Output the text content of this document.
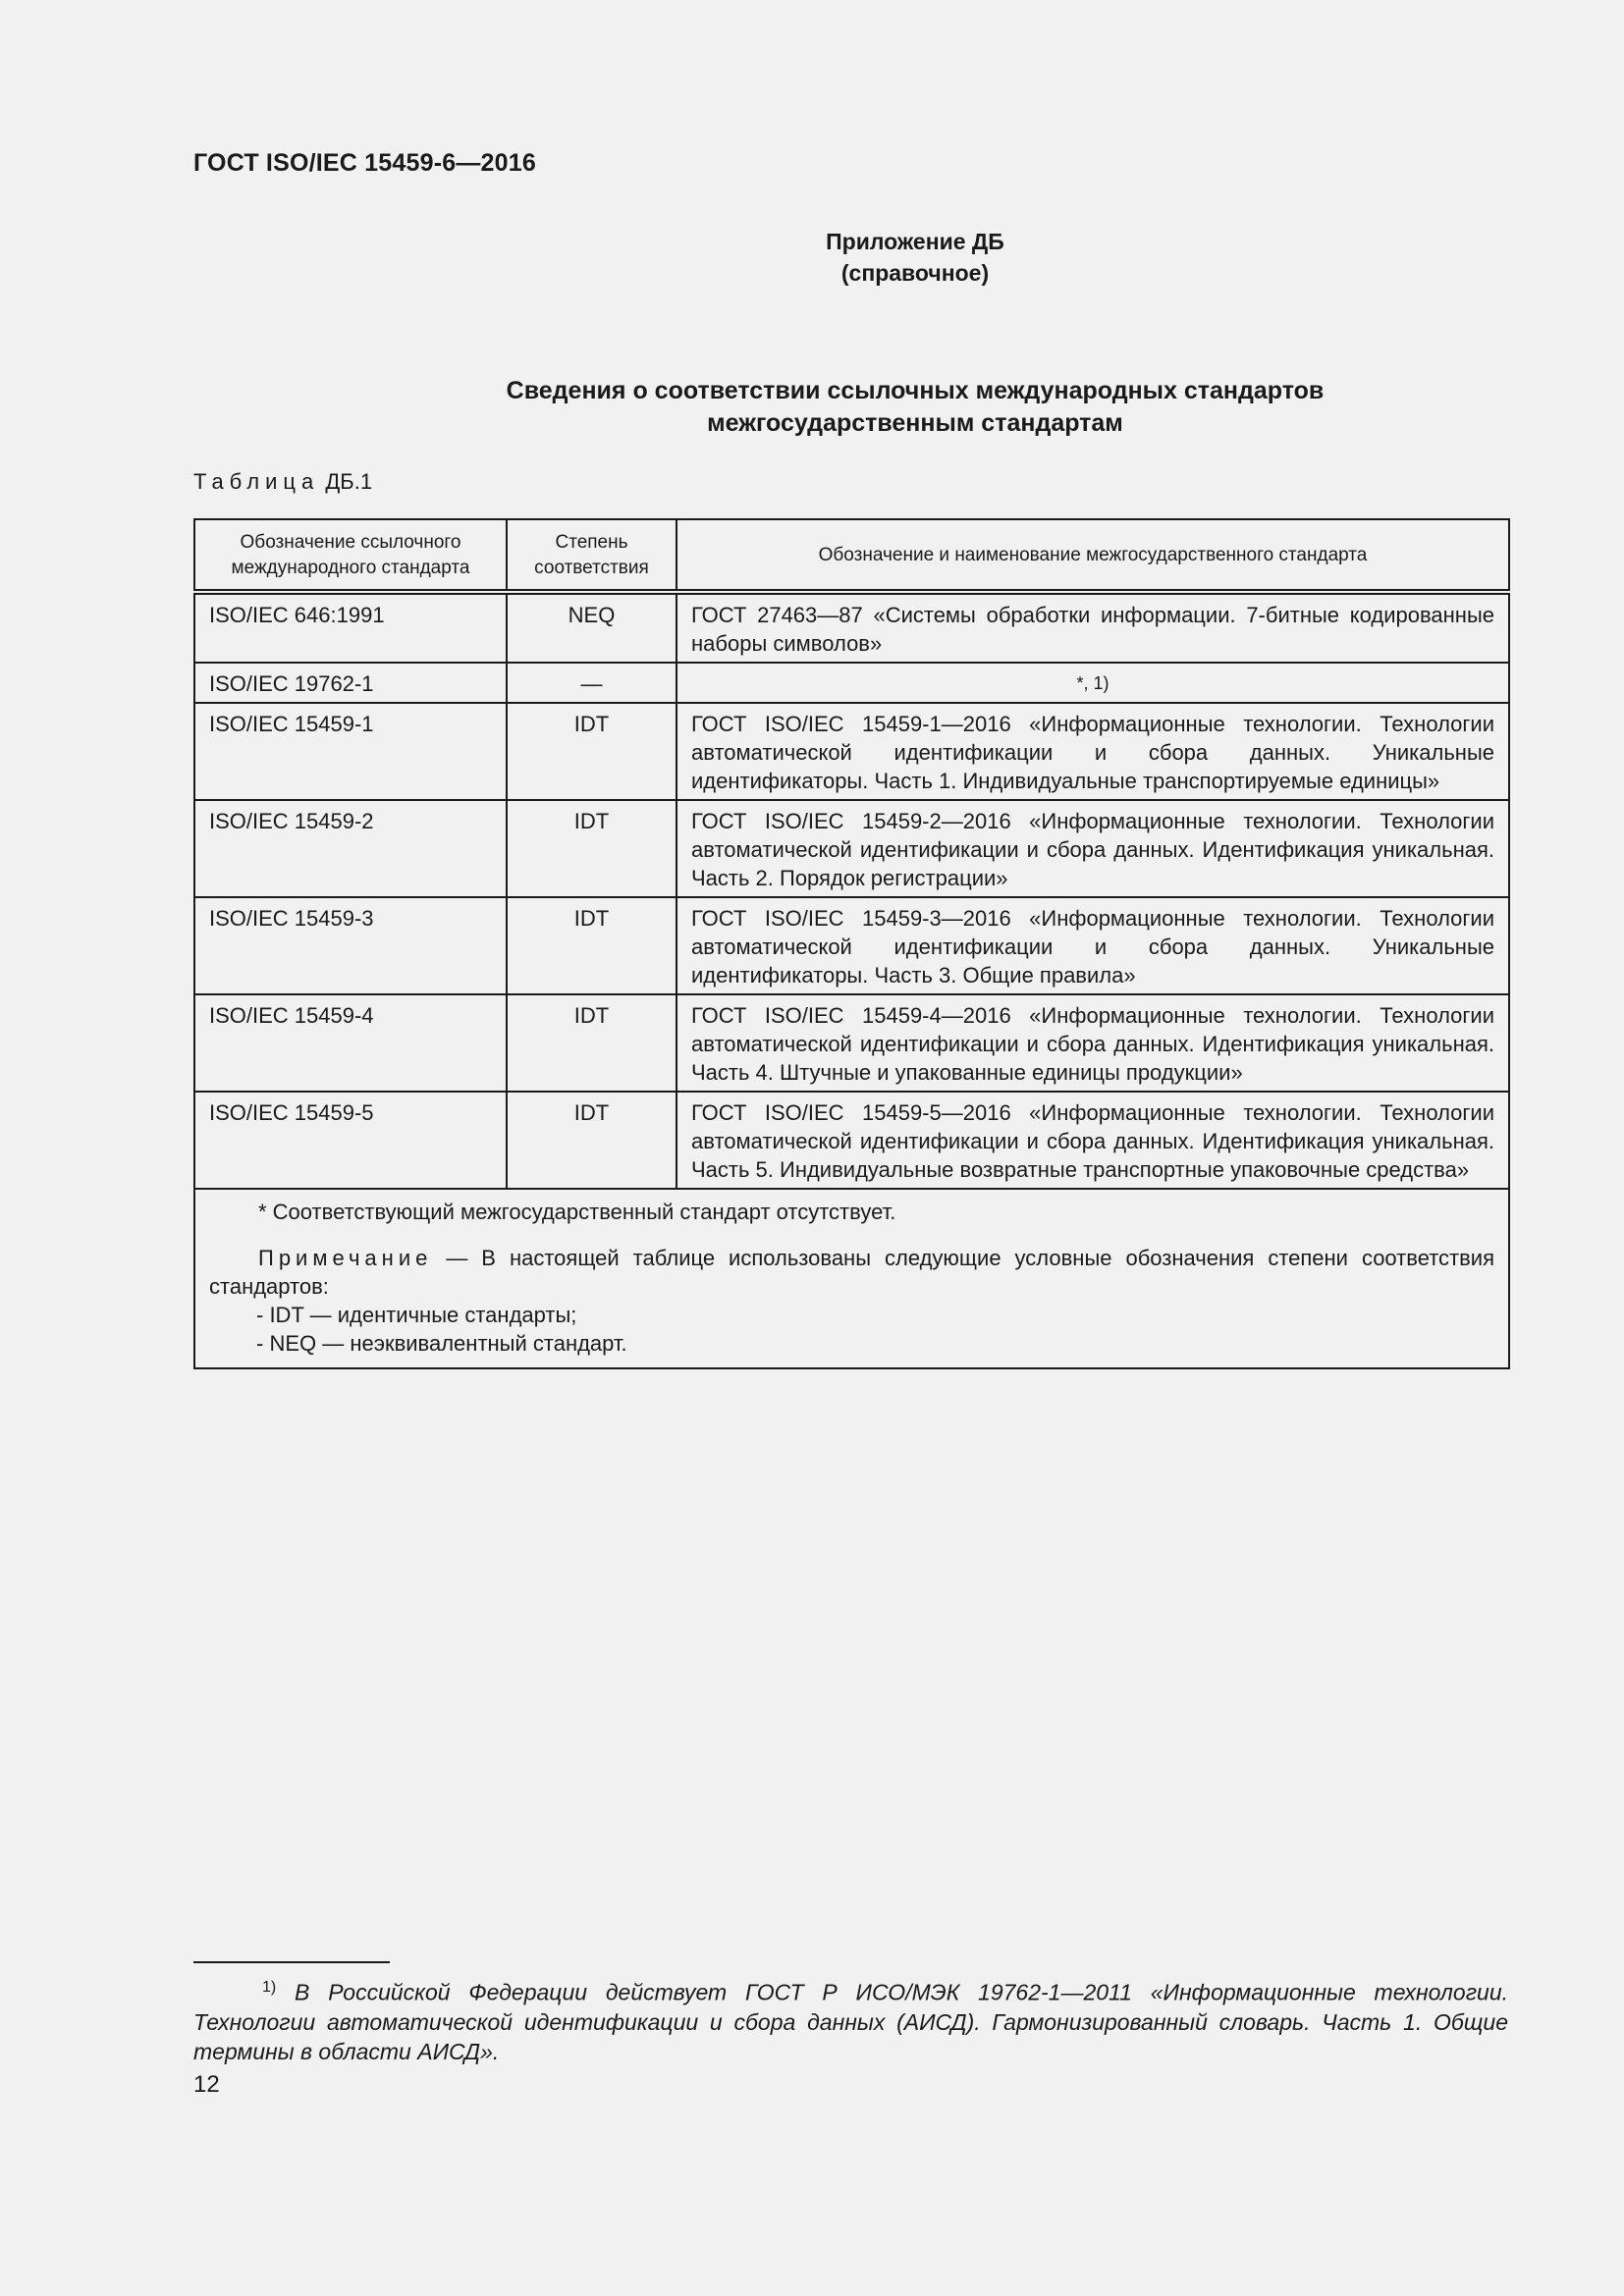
ГОСТ ISO/IEC 15459-6—2016
Приложение ДБ
(справочное)
Сведения о соответствии ссылочных международных стандартов
межгосударственным стандартам
Таблица ДБ.1
Обозначение ссылочного международного стандарта	Степень соответствия	Обозначение и наименование межгосударственного стандарта
ISO/IEC 646:1991	NEQ	ГОСТ 27463—87 «Системы обработки информации. 7-битные кодированные наборы символов»
ISO/IEC 19762-1	—	*, 1)
ISO/IEC 15459-1	IDT	ГОСТ ISO/IEC 15459-1—2016 «Информационные технологии. Технологии автоматической идентификации и сбора данных. Уникальные идентификаторы. Часть 1. Индивидуальные транспортируемые единицы»
ISO/IEC 15459-2	IDT	ГОСТ ISO/IEC 15459-2—2016 «Информационные технологии. Технологии автоматической идентификации и сбора данных. Идентификация уникальная. Часть 2. Порядок регистрации»
ISO/IEC 15459-3	IDT	ГОСТ ISO/IEC 15459-3—2016 «Информационные технологии. Технологии автоматической идентификации и сбора данных. Уникальные идентификаторы. Часть 3. Общие правила»
ISO/IEC 15459-4	IDT	ГОСТ ISO/IEC 15459-4—2016 «Информационные технологии. Технологии автоматической идентификации и сбора данных. Идентификация уникальная. Часть 4. Штучные и упакованные единицы продукции»
ISO/IEC 15459-5	IDT	ГОСТ ISO/IEC 15459-5—2016 «Информационные технологии. Технологии автоматической идентификации и сбора данных. Идентификация уникальная. Часть 5. Индивидуальные возвратные транспортные упаковочные средства»

* Соответствующий межгосударственный стандарт отсутствует.
Примечание — В настоящей таблице использованы следующие условные обозначения степени соответствия стандартов:
- IDT — идентичные стандарты;
- NEQ — неэквивалентный стандарт.		
$^{1)}$ В Российской Федерации действует ГОСТ Р ИСО/МЭК 19762-1—2011 «Информационные технологии. Технологии автоматической идентификации и сбора данных (АИСД). Гармонизированный словарь. Часть 1. Общие термины в области АИСД».
12
